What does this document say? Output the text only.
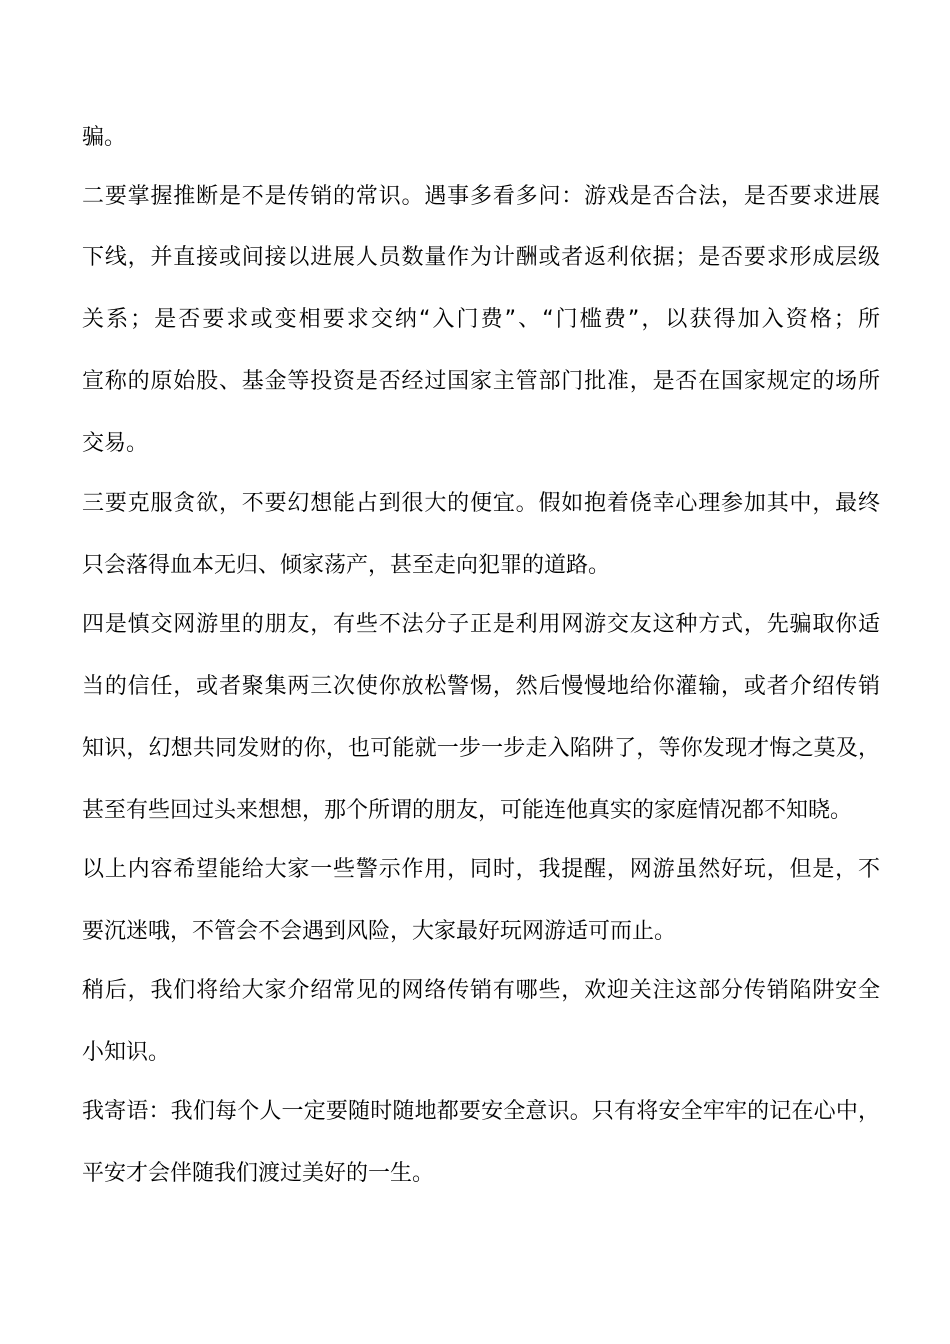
骗。
二要掌握推断是不是传销的常识。遇事多看多问：游戏是否合法，是否要求进展
下线，并直接或间接以进展人员数量作为计酬或者返利依据；是否要求形成层级
关系；是否要求或变相要求交纳“入门费”、“门槛费”，以获得加入资格；所
宣称的原始股、基金等投资是否经过国家主管部门批准，是否在国家规定的场所
交易。
三要克服贪欲，不要幻想能占到很大的便宜。假如抱着侥幸心理参加其中，最终
只会落得血本无归、倾家荡产，甚至走向犯罪的道路。
四是慎交网游里的朋友，有些不法分子正是利用网游交友这种方式，先骗取你适
当的信任，或者聚集两三次使你放松警惕，然后慢慢地给你灌输，或者介绍传销
知识，幻想共同发财的你，也可能就一步一步走入陷阱了，等你发现才悔之莫及，
甚至有些回过头来想想，那个所谓的朋友，可能连他真实的家庭情况都不知晓。
以上内容希望能给大家一些警示作用，同时，我提醒，网游虽然好玩，但是，不
要沉迷哦，不管会不会遇到风险，大家最好玩网游适可而止。
稍后，我们将给大家介绍常见的网络传销有哪些，欢迎关注这部分传销陷阱安全
小知识。
我寄语：我们每个人一定要随时随地都要安全意识。只有将安全牢牢的记在心中，
平安才会伴随我们渡过美好的一生。
